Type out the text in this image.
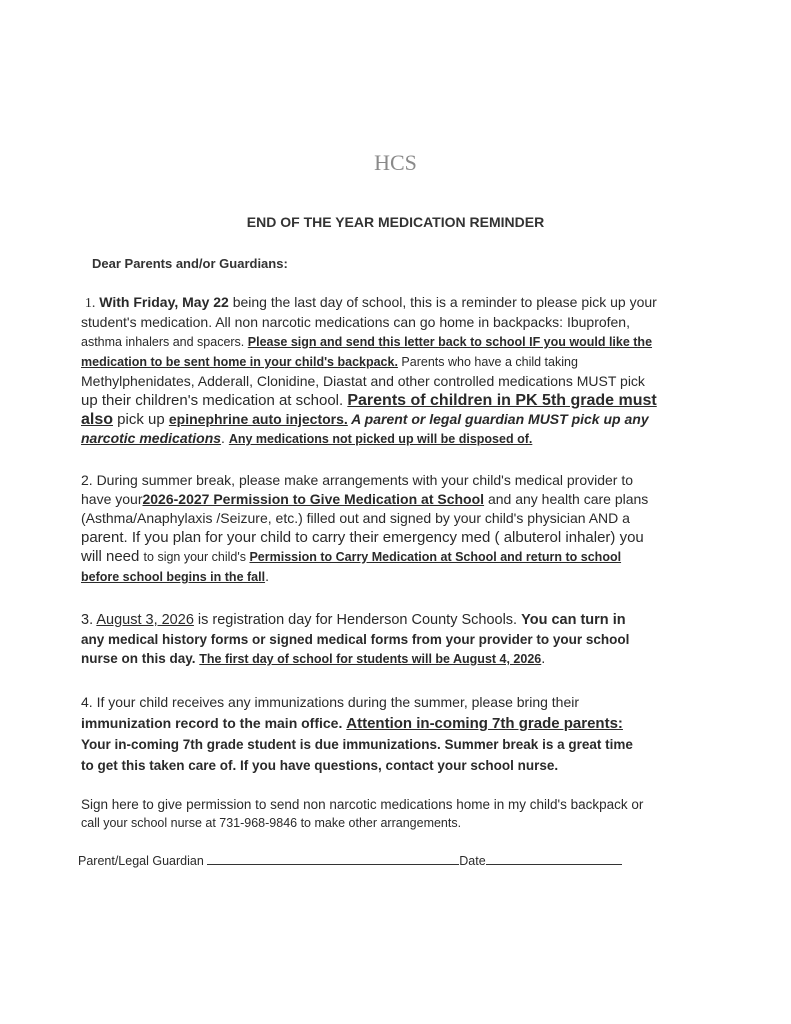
HCS
END OF THE YEAR MEDICATION REMINDER
Dear Parents and/or Guardians:
1. With Friday, May 22 being the last day of school, this is a reminder to please pick up your
student's medication. All non narcotic medications can go home in backpacks: Ibuprofen,
asthma inhalers and spacers. Please sign and send this letter back to school IF you would like the
medication to be sent home in your child's backpack. Parents who have a child taking
Methylphenidates, Adderall, Clonidine, Diastat and other controlled medications MUST pick
up their children's medication at school. Parents of children in PK 5th grade must
also pick up epinephrine auto injectors. A parent or legal guardian MUST pick up any
narcotic medications. Any medications not picked up will be disposed of.
2. During summer break, please make arrangements with your child's medical provider to
have your2026-2027 Permission to Give Medication at School and any health care plans
(Asthma/Anaphylaxis /Seizure, etc.) filled out and signed by your child's physician AND a
parent. If you plan for your child to carry their emergency med ( albuterol inhaler) you
will need to sign your child's Permission to Carry Medication at School and return to school
before school begins in the fall.
3. August 3, 2026 is registration day for Henderson County Schools. You can turn in
any medical history forms or signed medical forms from your provider to your school
nurse on this day. The first day of school for students will be August 4, 2026.
4. If your child receives any immunizations during the summer, please bring their
immunization record to the main office. Attention in-coming 7th grade parents:
Your in-coming 7th grade student is due immunizations. Summer break is a great time
to get this taken care of. If you have questions, contact your school nurse.
Sign here to give permission to send non narcotic medications home in my child's backpack or
call your school nurse at 731-968-9846 to make other arrangements.
Parent/Legal Guardian	Date
